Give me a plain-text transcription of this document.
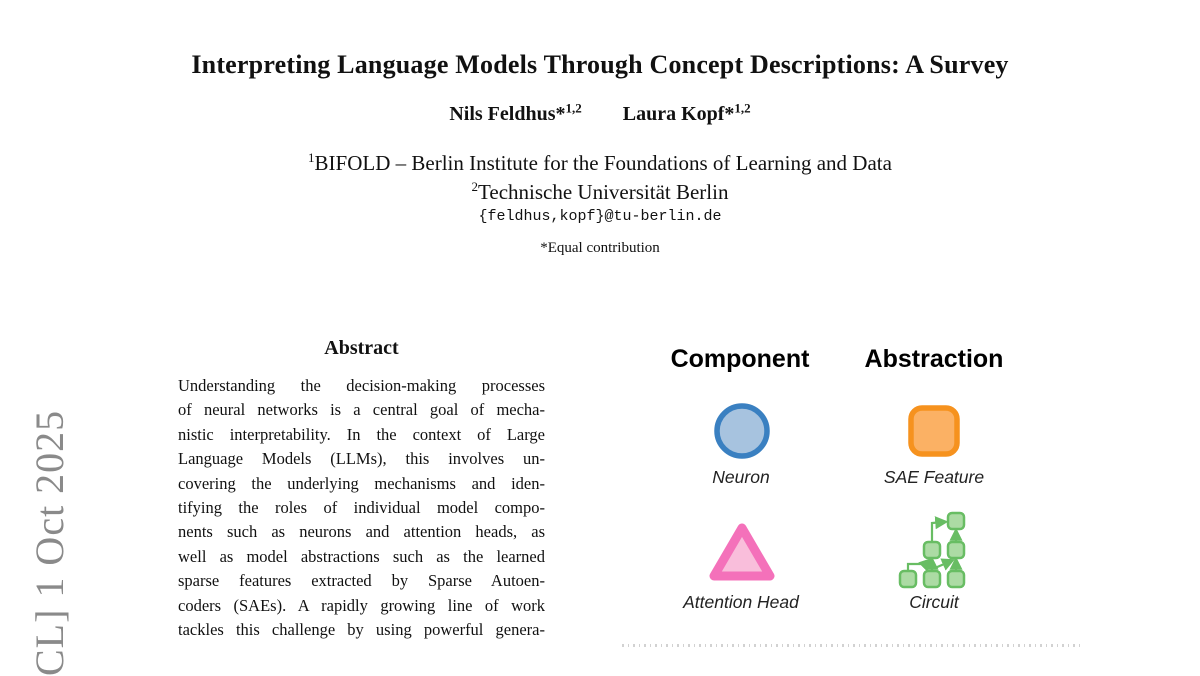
CL] 1 Oct 2025
Interpreting Language Models Through Concept Descriptions: A Survey
Nils Feldhus*$^{1,2}$ Laura Kopf*$^{1,2}$
$^1$BIFOLD – Berlin Institute for the Foundations of Learning and Data
$^2$Technische Universität Berlin
{feldhus,kopf}@tu-berlin.de
*Equal contribution
Abstract
Understanding the decision-making processes
of neural networks is a central goal of mecha-
nistic interpretability. In the context of Large
Language Models (LLMs), this involves un-
covering the underlying mechanisms and iden-
tifying the roles of individual model compo-
nents such as neurons and attention heads, as
well as model abstractions such as the learned
sparse features extracted by Sparse Autoen-
coders (SAEs). A rapidly growing line of work
tackles this challenge by using powerful genera-
Component	Abstraction
Neuron	SAE Feature
Attention Head	Circuit
